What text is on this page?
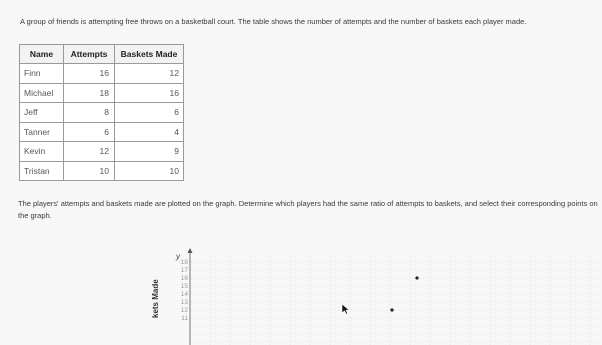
A group of friends is attempting free throws on a basketball court. The table shows the number of attempts and the number of baskets each player made.
Name	Attempts	Baskets Made
Finn	16	12
Michael	18	16
Jeff	8	6
Tanner	6	4
Kevin	12	9
Tristan	10	10
The players' attempts and baskets made are plotted on the graph. Determine which players had the same ratio of attempts to baskets, and select their corresponding points on the graph.
y
kets Made
18
17
16
15
14
13
12
11
